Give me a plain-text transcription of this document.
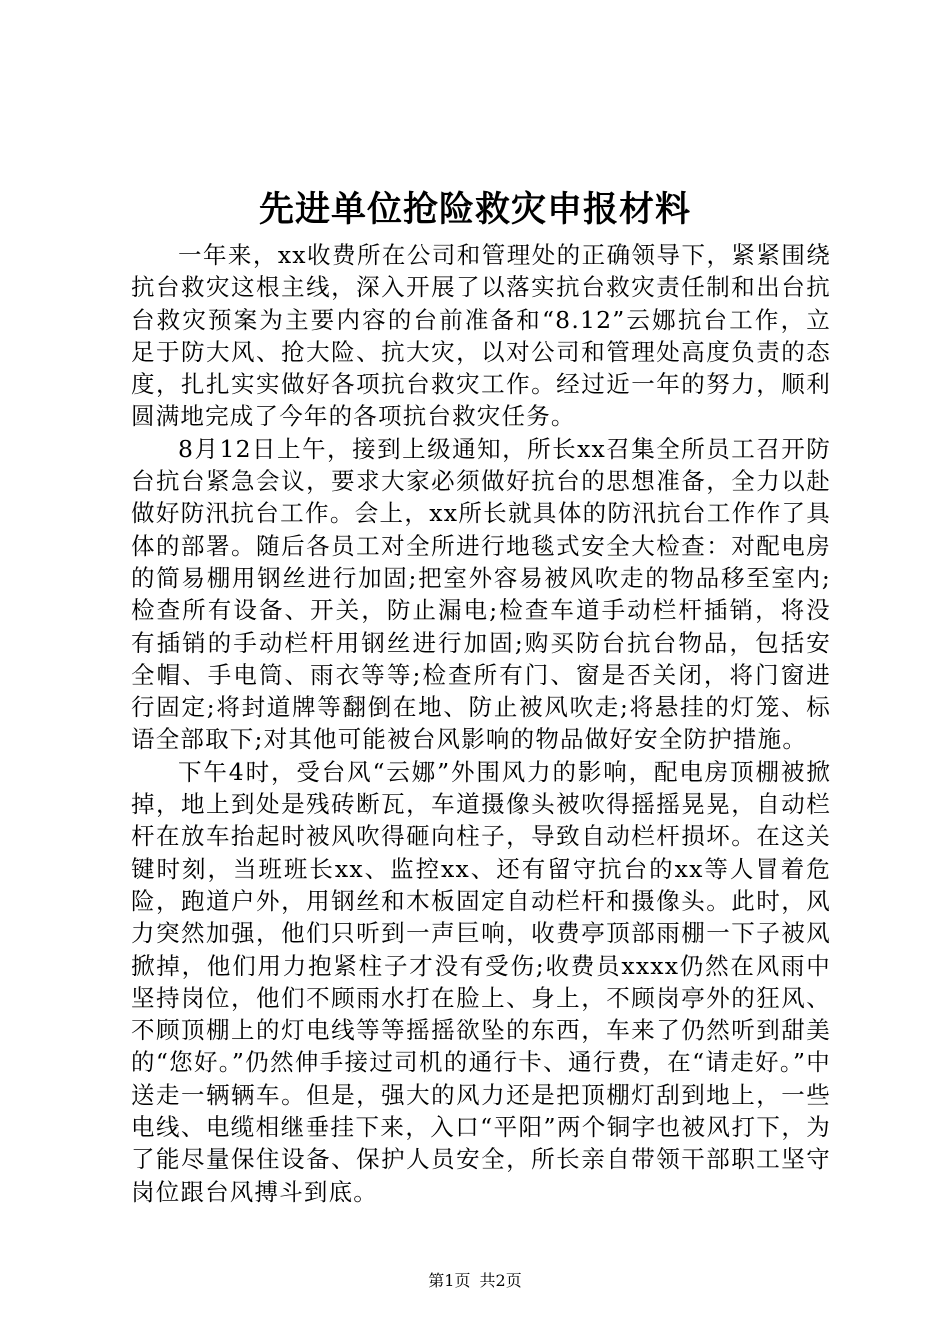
先进单位抢险救灾申报材料

一年来，xx收费所在公司和管理处的正确领导下，紧紧围绕抗台救灾这根主线，深入开展了以落实抗台救灾责任制和出台抗台救灾预案为主要内容的台前准备和“8.12”云娜抗台工作，立足于防大风、抢大险、抗大灾，以对公司和管理处高度负责的态度，扎扎实实做好各项抗台救灾工作。经过近一年的努力，顺利圆满地完成了今年的各项抗台救灾任务。

8月12日上午，接到上级通知，所长xx召集全所员工召开防台抗台紧急会议，要求大家必须做好抗台的思想准备，全力以赴做好防汛抗台工作。会上，xx所长就具体的防汛抗台工作作了具体的部署。随后各员工对全所进行地毯式安全大检查：对配电房的简易棚用钢丝进行加固;把室外容易被风吹走的物品移至室内;检查所有设备、开关，防止漏电;检查车道手动栏杆插销，将没有插销的手动栏杆用钢丝进行加固;购买防台抗台物品，包括安全帽、手电筒、雨衣等等;检查所有门、窗是否关闭，将门窗进行固定;将封道牌等翻倒在地、防止被风吹走;将悬挂的灯笼、标语全部取下;对其他可能被台风影响的物品做好安全防护措施。

下午4时，受台风“云娜”外围风力的影响，配电房顶棚被掀掉，地上到处是残砖断瓦，车道摄像头被吹得摇摇晃晃，自动栏杆在放车抬起时被风吹得砸向柱子，导致自动栏杆损坏。在这关键时刻，当班班长xx、监控xx、还有留守抗台的xx等人冒着危险，跑道户外，用钢丝和木板固定自动栏杆和摄像头。此时，风力突然加强，他们只听到一声巨响，收费亭顶部雨棚一下子被风掀掉，他们用力抱紧柱子才没有受伤;收费员xxxx仍然在风雨中坚持岗位，他们不顾雨水打在脸上、身上，不顾岗亭外的狂风、不顾顶棚上的灯电线等等摇摇欲坠的东西，车来了仍然听到甜美的“您好。”仍然伸手接过司机的通行卡、通行费，在“请走好。”中送走一辆辆车。但是，强大的风力还是把顶棚灯刮到地上，一些电线、电缆相继垂挂下来，入口“平阳”两个铜字也被风打下，为了能尽量保住设备、保护人员安全，所长亲自带领干部职工坚守岗位跟台风搏斗到底。

第1页 共2页
